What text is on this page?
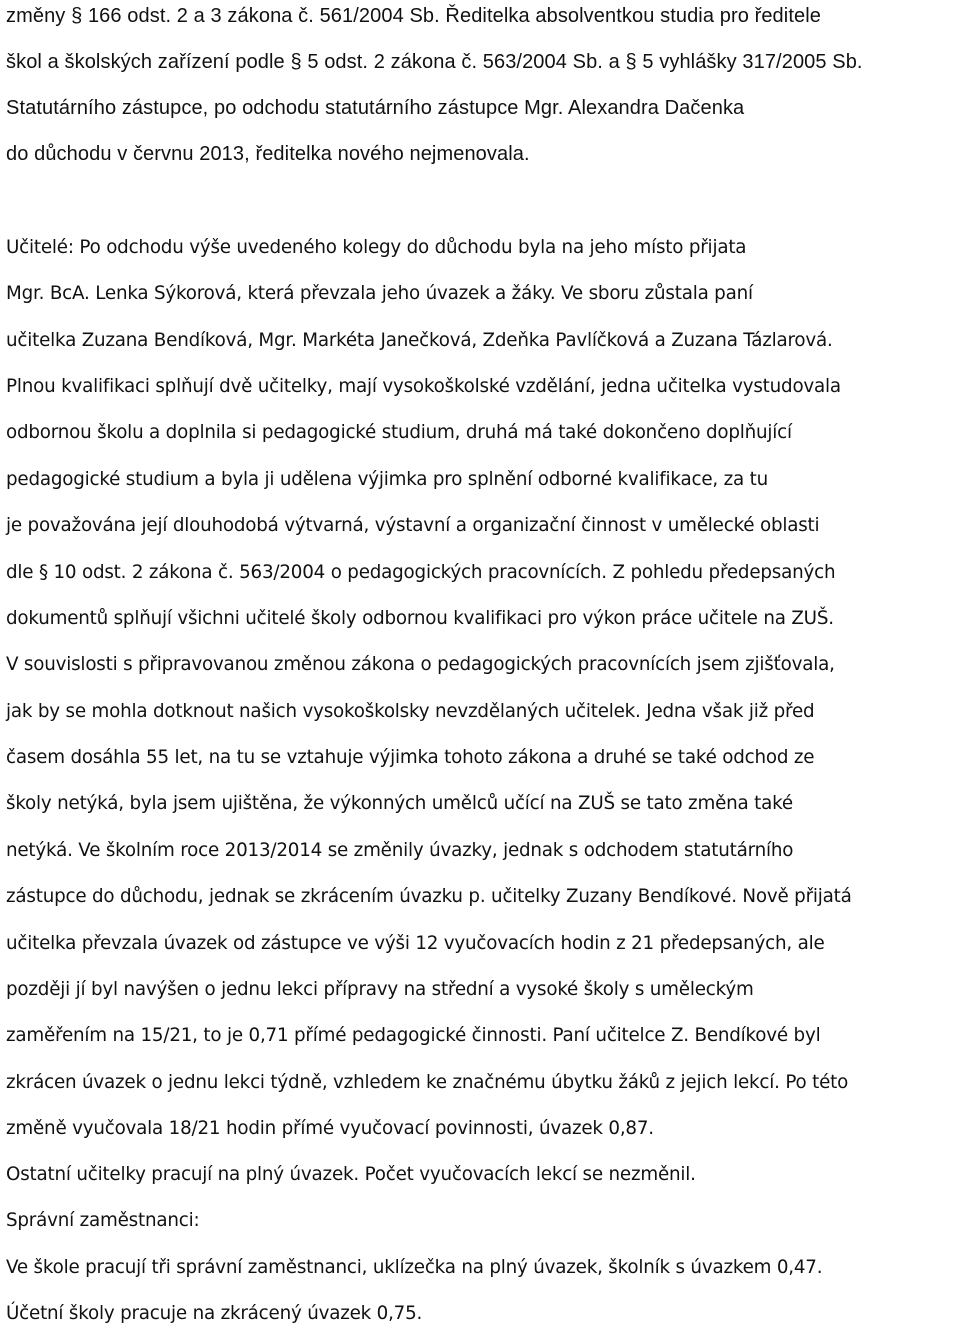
změny § 166 odst. 2 a 3 zákona č. 561/2004 Sb. Ředitelka absolventkou studia pro ředitele
škol a školských zařízení podle § 5 odst. 2 zákona č. 563/2004 Sb. a § 5 vyhlášky 317/2005 Sb.
Statutárního zástupce, po odchodu statutárního zástupce Mgr. Alexandra Dačenka
do důchodu v červnu 2013, ředitelka nového nejmenovala.
Učitelé: Po odchodu výše uvedeného kolegy do důchodu byla na jeho místo přijata
Mgr. BcA. Lenka Sýkorová, která převzala jeho úvazek a žáky. Ve sboru zůstala paní
učitelka Zuzana Bendíková, Mgr. Markéta Janečková, Zdeňka Pavlíčková a Zuzana Tázlarová.
Plnou kvalifikaci splňují dvě učitelky, mají vysokoškolské vzdělání, jedna učitelka vystudovala
odbornou školu a doplnila si pedagogické studium, druhá má také dokončeno doplňující
pedagogické studium a byla ji udělena výjimka pro splnění odborné kvalifikace, za tu
je považována její dlouhodobá výtvarná, výstavní a organizační činnost v umělecké oblasti
dle § 10 odst. 2 zákona č. 563/2004 o pedagogických pracovnících. Z pohledu předepsaných
dokumentů splňují všichni učitelé školy odbornou kvalifikaci pro výkon práce učitele na ZUŠ.
V souvislosti s připravovanou změnou zákona o pedagogických pracovnících jsem zjišťovala,
jak by se mohla dotknout našich vysokoškolsky nevzdělaných učitelek. Jedna však již před
časem dosáhla 55 let, na tu se vztahuje výjimka tohoto zákona a druhé se také odchod ze
školy netýká, byla jsem ujištěna, že výkonných umělců učící na ZUŠ se tato změna také
netýká. Ve školním roce 2013/2014 se změnily úvazky, jednak s odchodem statutárního
zástupce do důchodu, jednak se zkrácením úvazku p. učitelky Zuzany Bendíkové. Nově přijatá
učitelka převzala úvazek od zástupce ve výši 12 vyučovacích hodin z 21 předepsaných, ale
později jí byl navýšen o jednu lekci přípravy na střední a vysoké školy s uměleckým
zaměřením na 15/21, to je 0,71 přímé pedagogické činnosti. Paní učitelce Z. Bendíkové byl
zkrácen úvazek o jednu lekci týdně, vzhledem ke značnému úbytku žáků z jejich lekcí. Po této
změně vyučovala 18/21 hodin přímé vyučovací povinnosti, úvazek 0,87.
Ostatní učitelky pracují na plný úvazek. Počet vyučovacích lekcí se nezměnil.
Správní zaměstnanci:
Ve škole pracují tři správní zaměstnanci, uklízečka na plný úvazek, školník s úvazkem 0,47.
Účetní školy pracuje na zkrácený úvazek 0,75.
